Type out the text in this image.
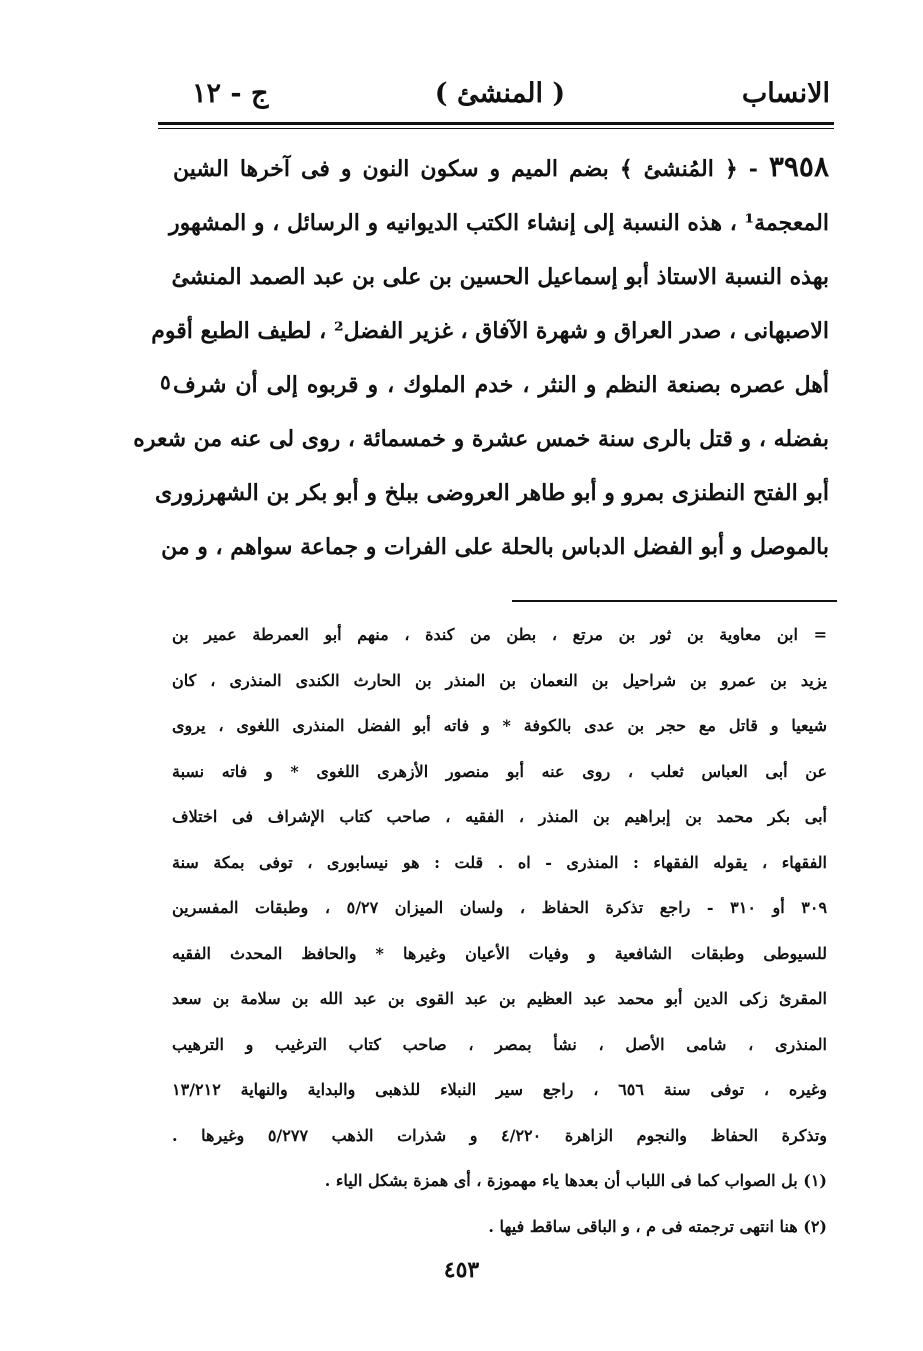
الانساب
( المنشئ )
ج - ١٢

٣٩٥٨ - ﴿ المُنشئ ﴾ بضم الميم و سكون النون و فى آخرها الشين

المعجمة¹ ، هذه النسبة إلى إنشاء الكتب الديوانيه و الرسائل ، و المشهور

بهذه النسبة الاستاذ أبو إسماعيل الحسين بن على بن عبد الصمد المنشئ

الاصبهانى ، صدر العراق و شهرة الآفاق ، غزير الفضل² ، لطيف الطبع أقوم

أهل عصره بصنعة النظم و النثر ، خدم الملوك ، و قربوه إلى أن شرف

بفضله ، و قتل بالرى سنة خمس عشرة و خمسمائة ، روى لى عنه من شعره

أبو الفتح النطنزى بمرو و أبو طاهر العروضى ببلخ و أبو بكر بن الشهرزورى

بالموصل و أبو الفضل الدباس بالحلة على الفرات و جماعة سواهم ، و من

٥

= ابن معاوية بن ثور بن مرتع ، بطن من كندة ، منهم أبو العمرطة عمير بن

يزيد بن عمرو بن شراحيل بن النعمان بن المنذر بن الحارث الكندى المنذرى ، كان

شيعيا و قاتل مع حجر بن عدى بالكوفة * و فاته أبو الفضل المنذرى اللغوى ، يروى

عن أبى العباس ثعلب ، روى عنه أبو منصور الأزهرى اللغوى * و فاته نسبة

أبى بكر محمد بن إبراهيم بن المنذر ، الفقيه ، صاحب كتاب الإشراف فى اختلاف

الفقهاء ، يقوله الفقهاء : المنذرى - اه . قلت : هو نيسابورى ، توفى بمكة سنة

٣٠٩ أو ٣١٠ - راجع تذكرة الحفاظ ، ولسان الميزان ٥/٢٧ ، وطبقات المفسرين

للسيوطى وطبقات الشافعية و وفيات الأعيان وغيرها * والحافظ المحدث الفقيه

المقرئ زكى الدين أبو محمد عبد العظيم بن عبد القوى بن عبد الله بن سلامة بن سعد

المنذرى ، شامى الأصل ، نشأ بمصر ، صاحب كتاب الترغيب و الترهيب

وغيره ، توفى سنة ٦٥٦ ، راجع سير النبلاء للذهبى والبداية والنهاية ١٣/٢١٢

وتذكرة الحفاظ والنجوم الزاهرة ٤/٢٢٠ و شذرات الذهب ٥/٢٧٧ وغيرها .

(١) بل الصواب كما فى اللباب أن بعدها ياء مهموزة ، أى همزة بشكل الياء .

(٢) هنا انتهى ترجمته فى م ، و الباقى ساقط فيها .

٤٥٣
